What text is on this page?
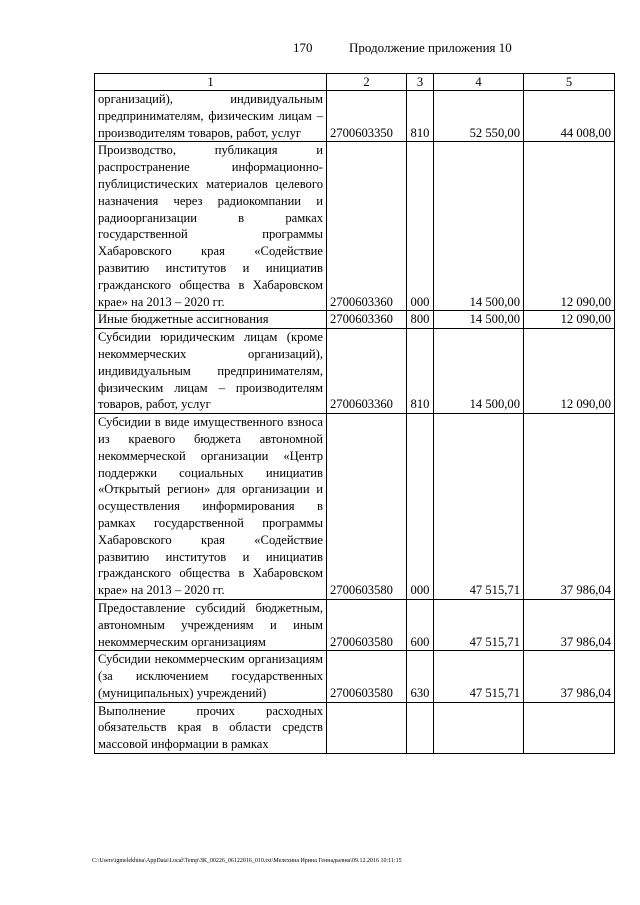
170	Продолжение приложения 10
1	2	3	4	5
организаций), индивидуальным предпринимателям, физическим лицам – производителям товаров, работ, услуг	2700603350	810	52 550,00	44 008,00
Производство, публикация и распространение информационно-публицистических материалов целевого назначения через радиокомпании и радиоорганизации в рамках государственной программы Хабаровского края «Содействие развитию институтов и инициатив гражданского общества в Хабаровском крае» на 2013 – 2020 гг.	2700603360	000	14 500,00	12 090,00
Иные бюджетные ассигнования	2700603360	800	14 500,00	12 090,00
Субсидии юридическим лицам (кроме некоммерческих организаций), индивидуальным предпринимателям, физическим лицам – производителям товаров, работ, услуг	2700603360	810	14 500,00	12 090,00
Субсидии в виде имущественного взноса из краевого бюджета автономной некоммерческой организации «Центр поддержки социальных инициатив «Открытый регион» для организации и осуществления информирования в рамках государственной программы Хабаровского края «Содействие развитию институтов и инициатив гражданского общества в Хабаровском крае» на 2013 – 2020 гг.	2700603580	000	47 515,71	37 986,04
Предоставление субсидий бюджетным, автономным учреждениям и иным некоммерческим организациям	2700603580	600	47 515,71	37 986,04
Субсидии некоммерческим организациям (за исключением государственных (муниципальных) учреждений)	2700603580	630	47 515,71	37 986,04
Выполнение прочих расходных обязательств края в области средств массовой информации в рамках				
C:\Users\igmelekhina\AppData\Local\Temp\ЗК_00226_06122016_010.txt\Мелехина Ирина Геннадьевна\09.12.2016 10:11:15
